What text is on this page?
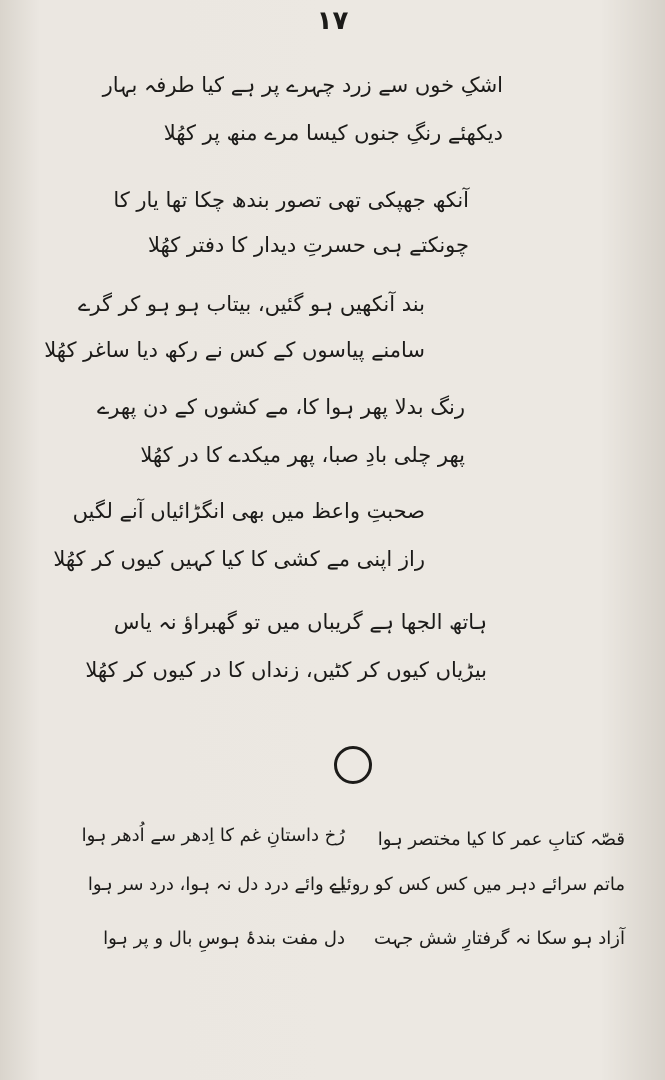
۱۷
اشکِ خوں سے زرد چہرے پر ہے کیا طرفہ بہار
دیکھئے رنگِ جنوں کیسا مرے منھ پر کھُلا
آنکھ جھپکی تھی تصور بندھ چکا تھا یار کا
چونکتے ہی حسرتِ دیدار کا دفتر کھُلا
بند آنکھیں ہو گئیں، بیتاب ہو ہو کر گرے
سامنے پیاسوں کے کس نے رکھ دیا ساغر کھُلا
رنگ بدلا پھر ہوا کا، مے کشوں کے دن پھرے
پھر چلی بادِ صبا، پھر میکدے کا در کھُلا
صحبتِ واعظ میں بھی انگڑائیاں آنے لگیں
راز اپنی مے کشی کا کیا کہیں کیوں کر کھُلا
ہاتھ الجھا ہے گریباں میں تو گھبراؤ نہ یاس
بیڑیاں کیوں کر کٹیں، زنداں کا در کیوں کر کھُلا
قصّہ کتابِ عمر کا کیا مختصر ہوا
ماتم سرائے دہر میں کس کس کو روئیے
آزاد ہو سکا نہ گرفتارِ شش جہت
رُخ داستانِ غم کا اِدھر سے اُدھر ہوا
اے وائے درد دل نہ ہوا، درد سر ہوا
دل مفت بندۂ ہوسِ بال و پر ہوا
